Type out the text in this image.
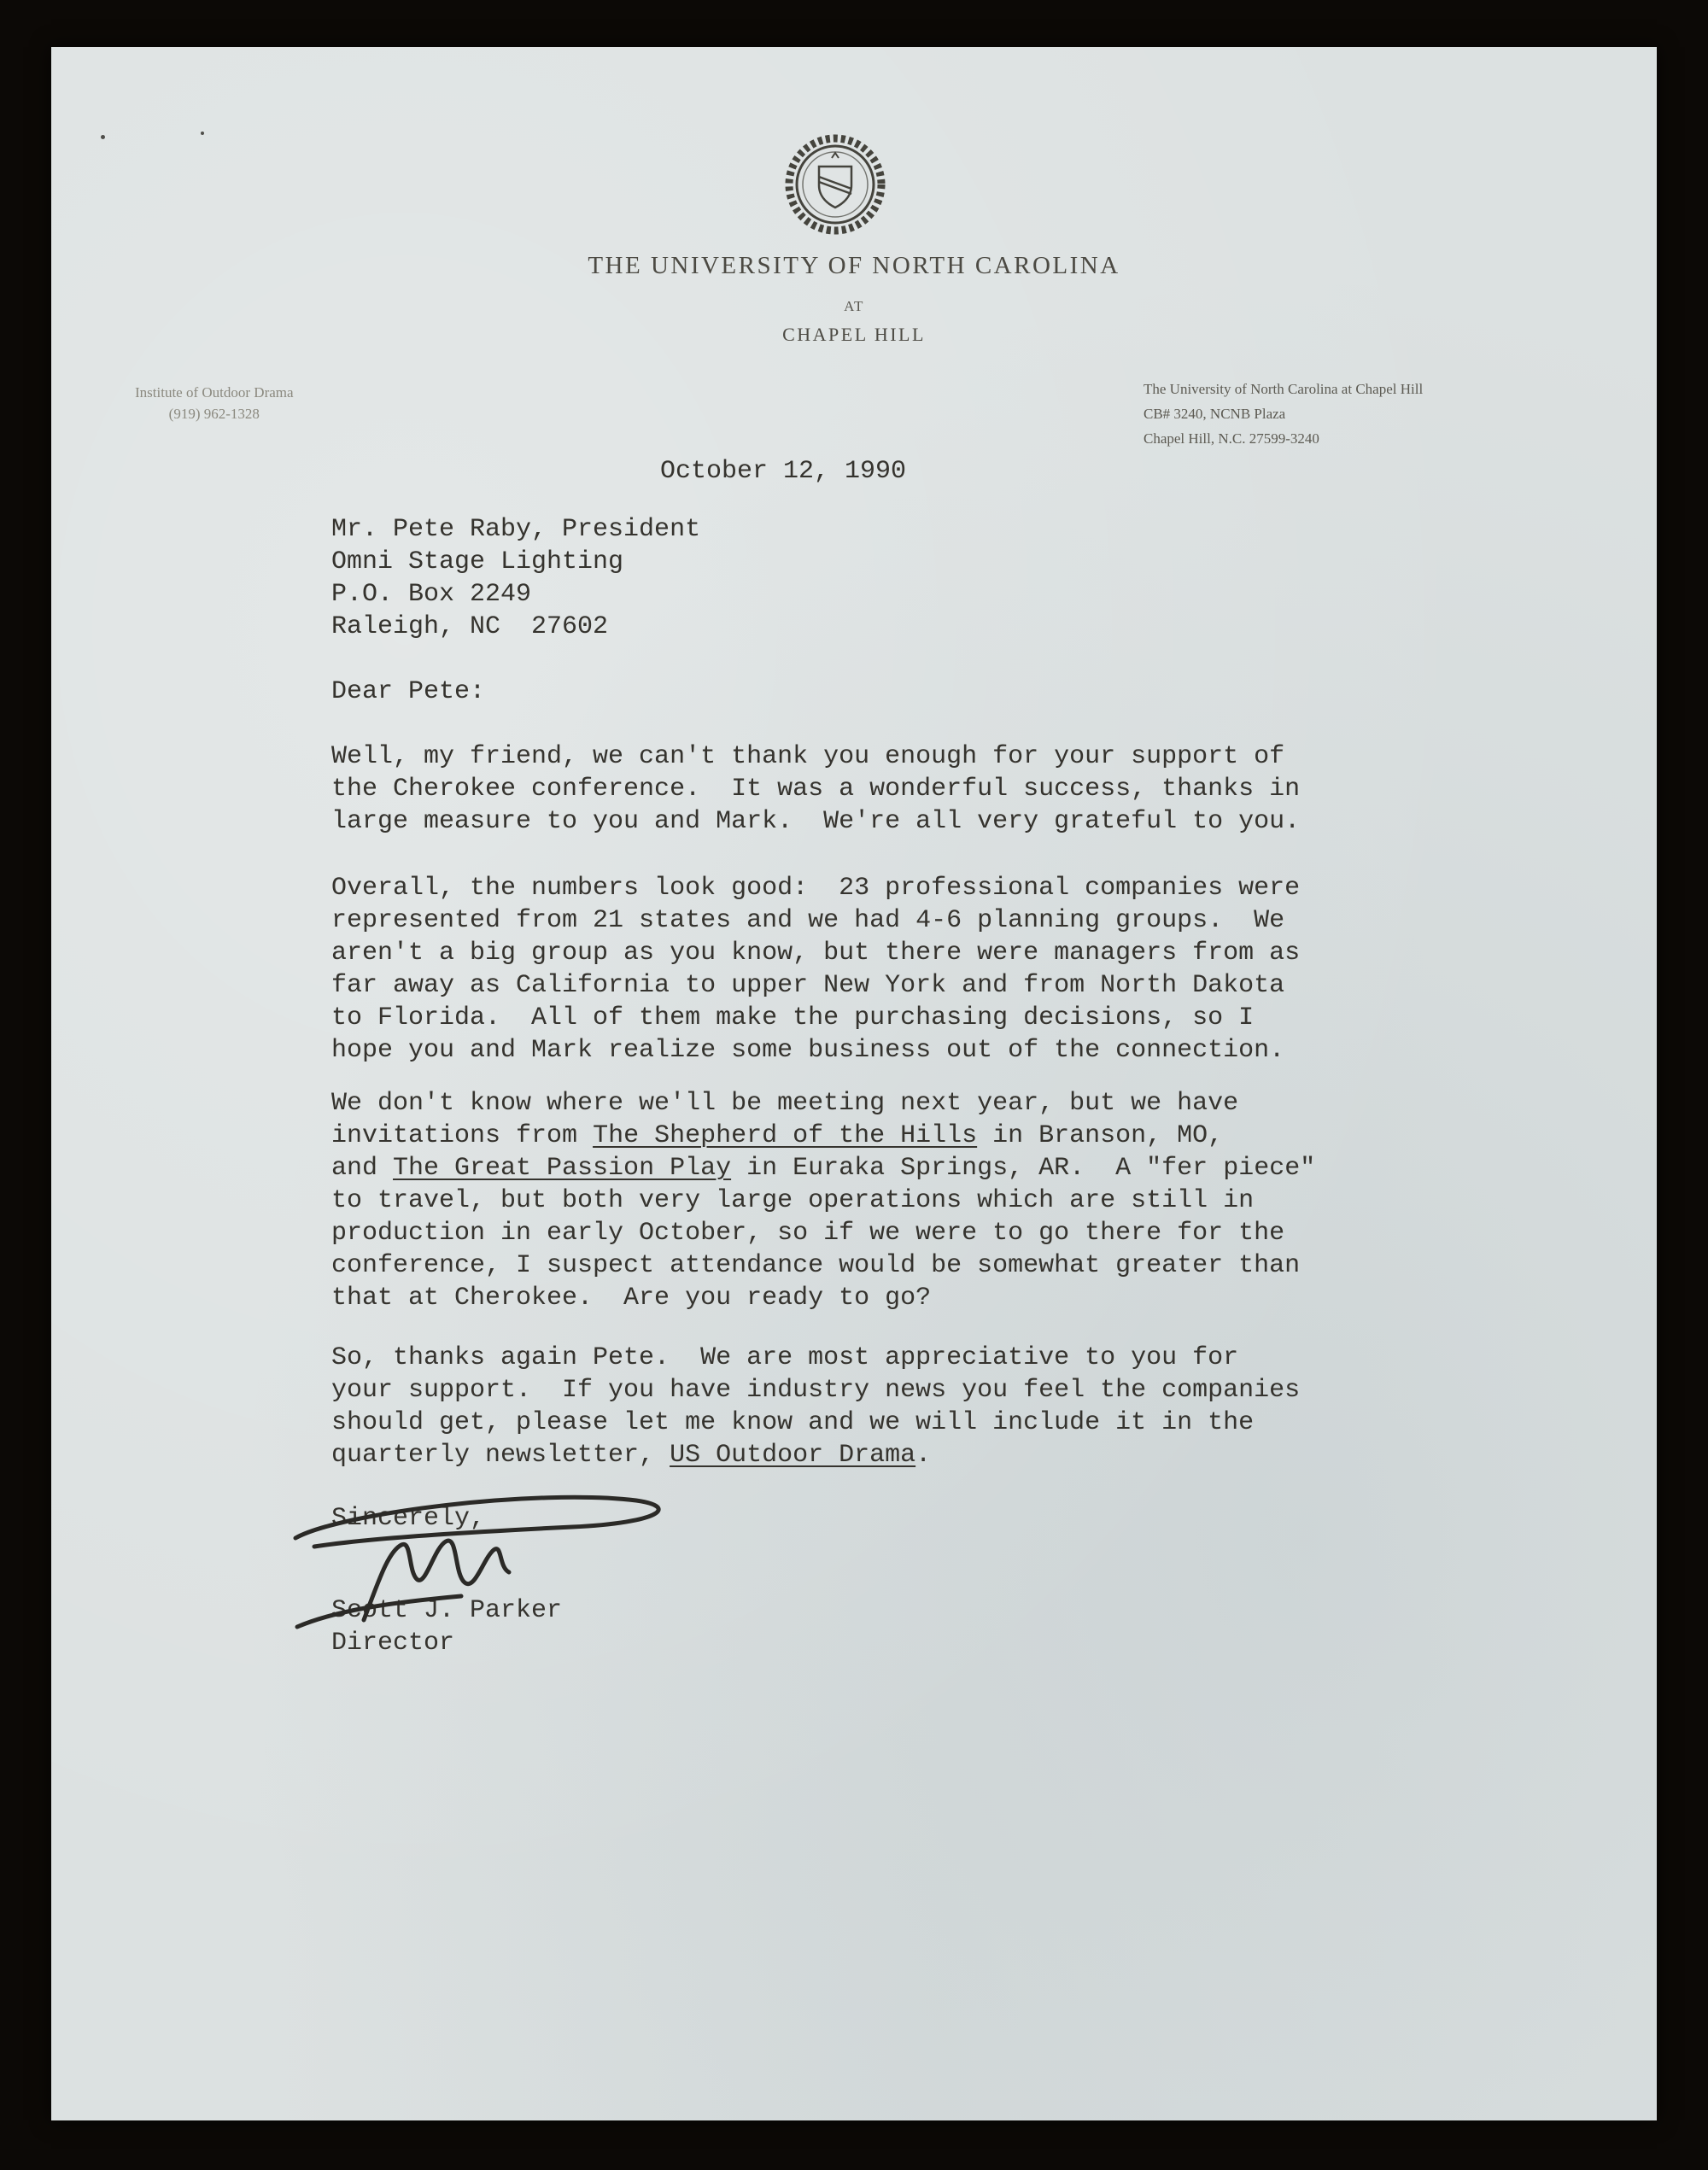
THE UNIVERSITY OF NORTH CAROLINA
AT
CHAPEL HILL
Institute of Outdoor Drama
(919) 962-1328
The University of North Carolina at Chapel Hill
CB# 3240, NCNB Plaza
Chapel Hill, N.C. 27599-3240
October 12, 1990
Mr. Pete Raby, President
Omni Stage Lighting
P.O. Box 2249
Raleigh, NC  27602
Dear Pete:
Well, my friend, we can't thank you enough for your support of
the Cherokee conference.  It was a wonderful success, thanks in
large measure to you and Mark.  We're all very grateful to you.
Overall, the numbers look good:  23 professional companies were
represented from 21 states and we had 4-6 planning groups.  We
aren't a big group as you know, but there were managers from as
far away as California to upper New York and from North Dakota
to Florida.  All of them make the purchasing decisions, so I
hope you and Mark realize some business out of the connection.
We don't know where we'll be meeting next year, but we have
invitations from The Shepherd of the Hills in Branson, MO,
and The Great Passion Play in Euraka Springs, AR.  A "fer piece"
to travel, but both very large operations which are still in
production in early October, so if we were to go there for the
conference, I suspect attendance would be somewhat greater than
that at Cherokee.  Are you ready to go?
So, thanks again Pete.  We are most appreciative to you for
your support.  If you have industry news you feel the companies
should get, please let me know and we will include it in the
quarterly newsletter, US Outdoor Drama.
Sincerely,
Scott J. Parker
Director
